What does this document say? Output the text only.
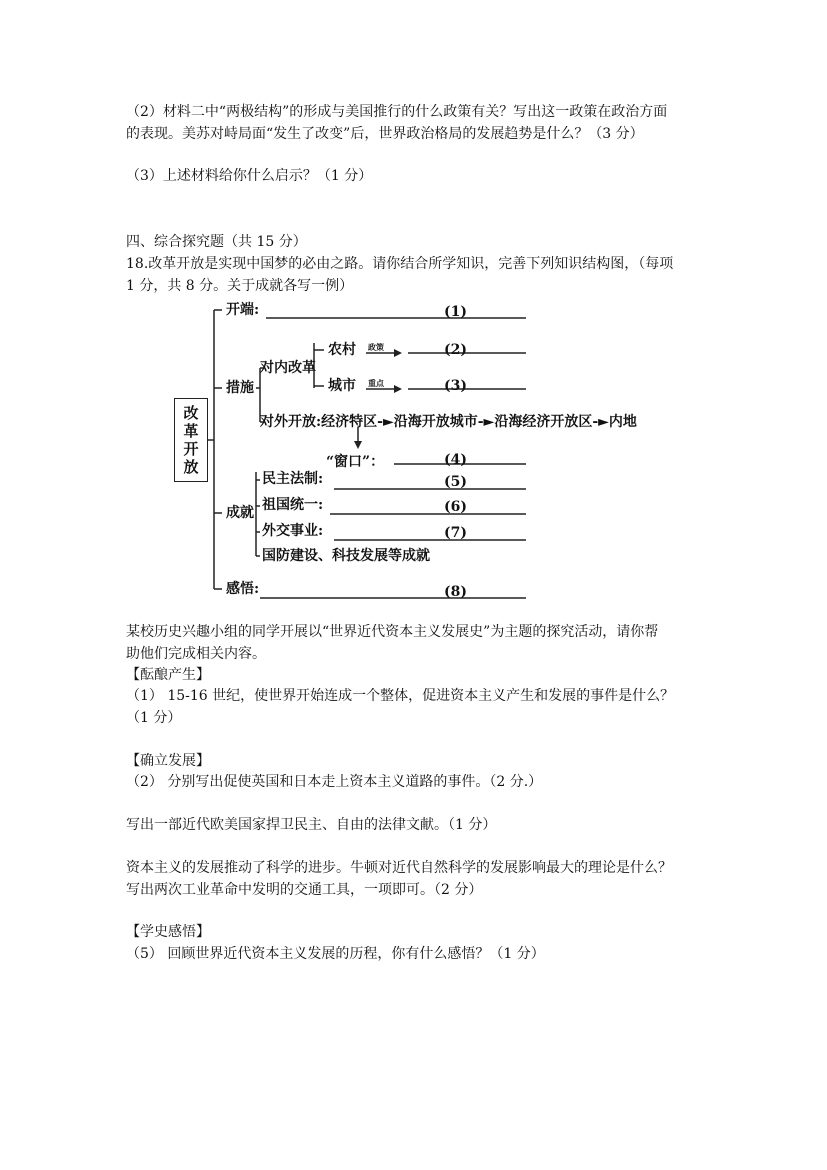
（2）材料二中“两极结构”的形成与美国推行的什么政策有关？写出这一政策在政治方面
的表现。美苏对峙局面“发生了改变”后，世界政治格局的发展趋势是什么？（3 分）
（3）上述材料给你什么启示？（1 分）
四、综合探究题（共 15 分）
18.改革开放是实现中国梦的必由之路。请你结合所学知识，完善下列知识结构图，（每项
1 分，共 8 分。关于成就各写一例）
改
革
开
放
开端:	(1)
措施
对内改革
农村 政策	(2)
城市 重点	(3)
对外开放:经济特区-►沿海开放城市-►沿海经济开放区-►内地
“窗口”：	(4)
成就
民主法制:	(5)
祖国统一:	(6)
外交事业:	(7)
国防建设、科技发展等成就
感悟:	(8)
某校历史兴趣小组的同学开展以“世界近代资本主义发展史”为主题的探究活动，请你帮
助他们完成相关内容。
【酝酿产生】
（1） 15-16 世纪，使世界开始连成一个整体，促进资本主义产生和发展的事件是什么？
（1 分）
【确立发展】
（2） 分别写出促使英国和日本走上资本主义道路的事件。（2 分.）
写出一部近代欧美国家捍卫民主、自由的法律文献。（1 分）
资本主义的发展推动了科学的进步。牛顿对近代自然科学的发展影响最大的理论是什么？
写出两次工业革命中发明的交通工具，一项即可。（2 分）
【学史感悟】
（5） 回顾世界近代资本主义发展的历程，你有什么感悟？（1 分）
